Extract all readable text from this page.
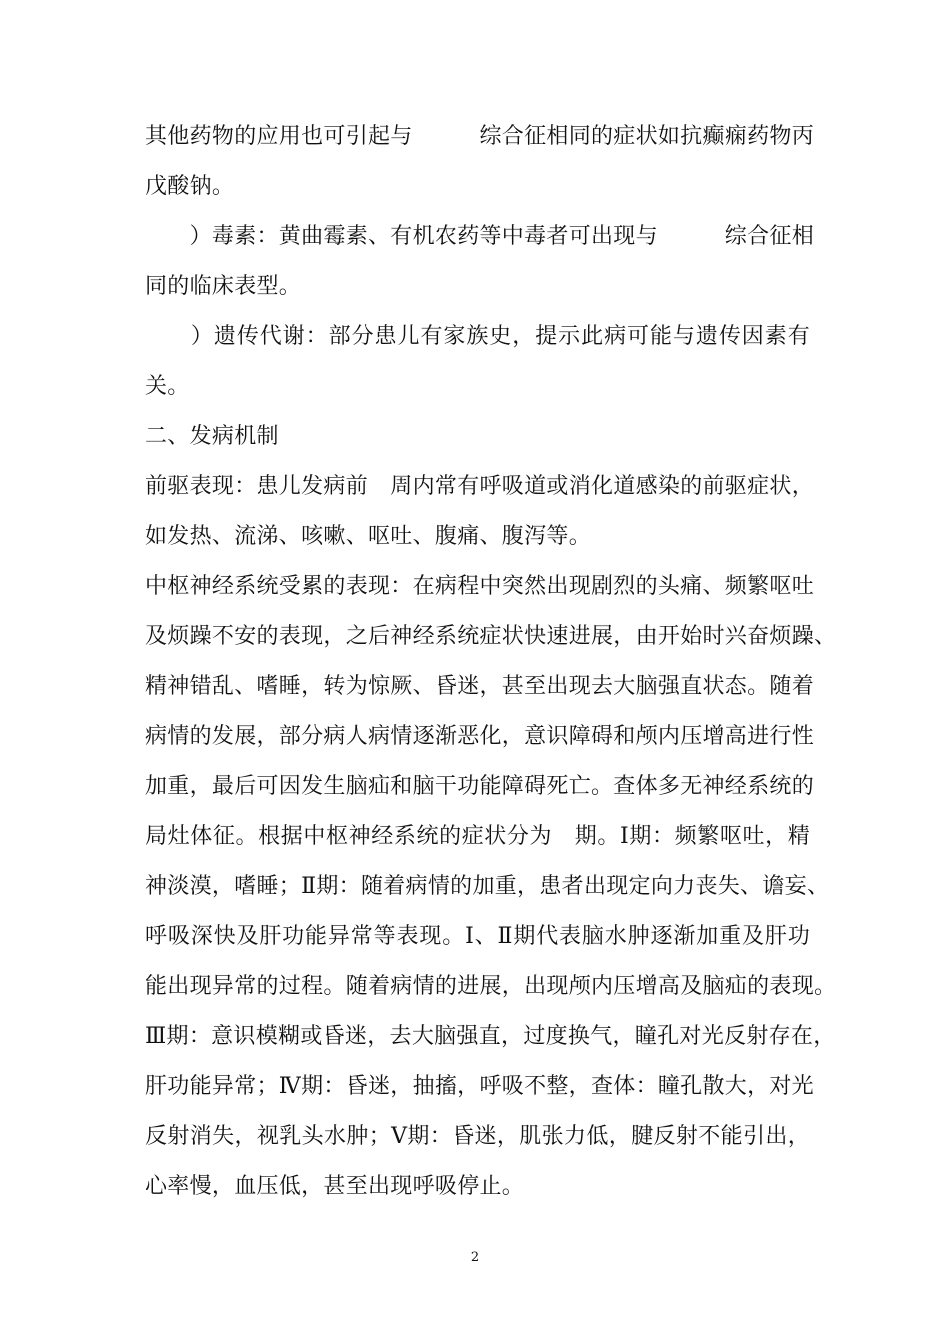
其他药物的应用也可引起与　　　综合征相同的症状如抗癫痫药物丙
戊酸钠。
　　）毒素：黄曲霉素、有机农药等中毒者可出现与　　　综合征相
同的临床表型。
　　）遗传代谢：部分患儿有家族史，提示此病可能与遗传因素有
关。
二、发病机制
前驱表现：患儿发病前　周内常有呼吸道或消化道感染的前驱症状，
如发热、流涕、咳嗽、呕吐、腹痛、腹泻等。
中枢神经系统受累的表现：在病程中突然出现剧烈的头痛、频繁呕吐
及烦躁不安的表现，之后神经系统症状快速进展，由开始时兴奋烦躁、
精神错乱、嗜睡，转为惊厥、昏迷，甚至出现去大脑强直状态。随着
病情的发展，部分病人病情逐渐恶化，意识障碍和颅内压增高进行性
加重，最后可因发生脑疝和脑干功能障碍死亡。查体多无神经系统的
局灶体征。根据中枢神经系统的症状分为　期。Ⅰ期：频繁呕吐，精
神淡漠，嗜睡；Ⅱ期：随着病情的加重，患者出现定向力丧失、谵妄、
呼吸深快及肝功能异常等表现。Ⅰ、Ⅱ期代表脑水肿逐渐加重及肝功
能出现异常的过程。随着病情的进展，出现颅内压增高及脑疝的表现。
Ⅲ期：意识模糊或昏迷，去大脑强直，过度换气，瞳孔对光反射存在，
肝功能异常；Ⅳ期：昏迷，抽搐，呼吸不整，查体：瞳孔散大，对光
反射消失，视乳头水肿；Ⅴ期：昏迷，肌张力低，腱反射不能引出，
心率慢，血压低，甚至出现呼吸停止。
2
